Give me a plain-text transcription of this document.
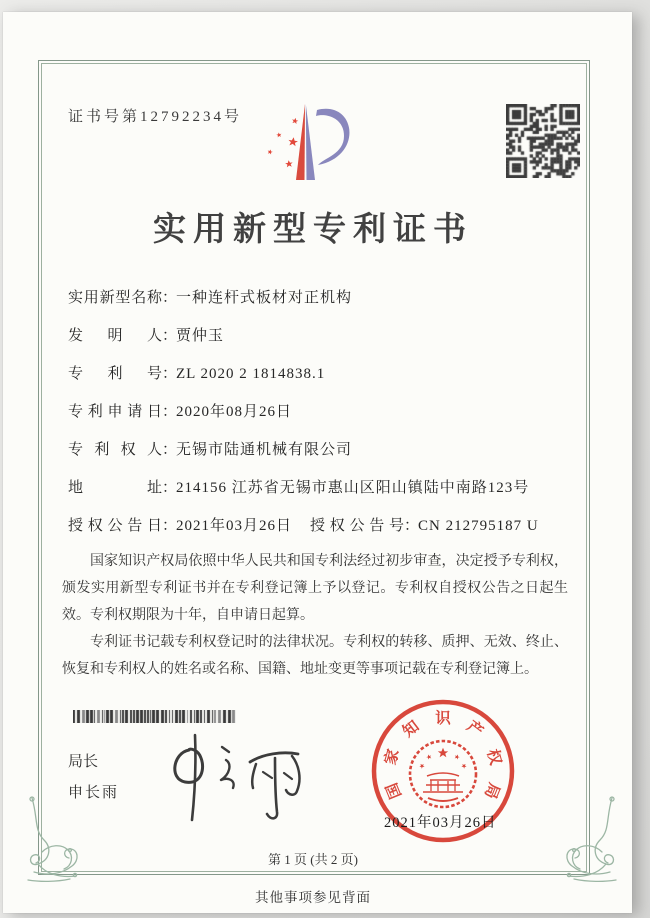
证书号第12792234号
实用新型专利证书
实用新型名称：一种连杆式板材对正机构
发明人：贾仲玉
专利号：ZL 2020 2 1814838.1
专利申请日：2020年08月26日
专利权人：无锡市陆通机械有限公司
地址：214156 江苏省无锡市惠山区阳山镇陆中南路123号
授权公告日：2021年03月26日 授权公告号：CN 212795187 U

国家知识产权局依照中华人民共和国专利法经过初步审查，决定授予专利权，颁发实用新型专利证书并在专利登记簿上予以登记。专利权自授权公告之日起生效。专利权期限为十年，自申请日起算。

专利证书记载专利权登记时的法律状况。专利权的转移、质押、无效、终止、恢复和专利权人的姓名或名称、国籍、地址变更等事项记载在专利登记簿上。

局长
申长雨	国
家
知 识 产
权
局
2021年03月26日
第 1 页 (共 2 页)
其他事项参见背面
